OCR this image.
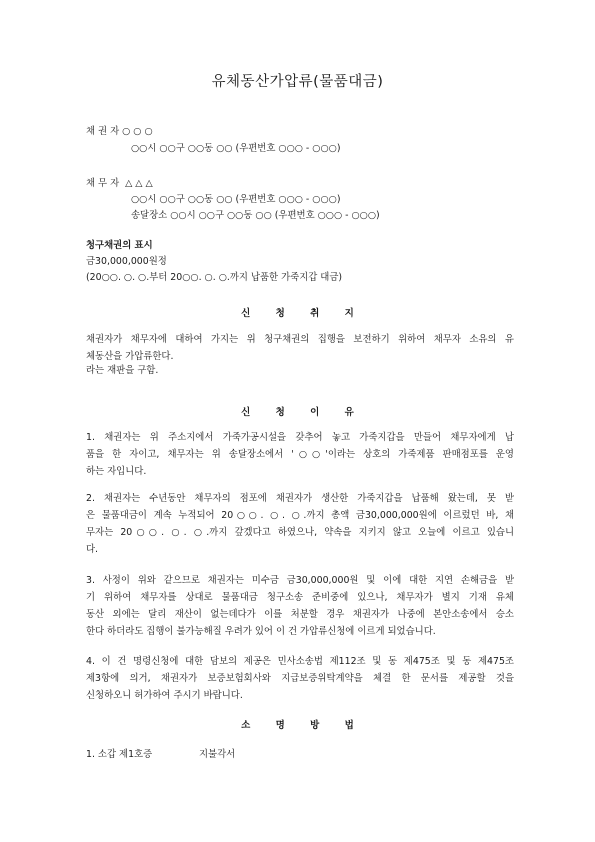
유체동산가압류(물품대금)
채 권 자 ○ ○ ○
○○시 ○○구 ○○동 ○○ (우편번호 ○○○ - ○○○)
채 무 자 △ △ △
○○시 ○○구 ○○동 ○○ (우편번호 ○○○ - ○○○)
송달장소 ○○시 ○○구 ○○동 ○○ (우편번호 ○○○ - ○○○)
청구채권의 표시
금30,000,000원정
(20○○. ○. ○.부터 20○○. ○. ○.까지 납품한 가죽지갑 대금)
신 청 취 지
채권자가 채무자에 대하여 가지는 위 청구채권의 집행을 보전하기 위하여 채무자 소유의 유
체동산을 가압류한다.
라는 재판을 구함.
신 청 이 유
1. 채권자는 위 주소지에서 가죽가공시설을 갖추어 놓고 가죽지갑을 만들어 채무자에게 납
품을 한 자이고, 채무자는 위 송달장소에서 '○○'이라는 상호의 가죽제품 판매점포를 운영
하는 자입니다.
2. 채권자는 수년동안 채무자의 점포에 채권자가 생산한 가죽지갑을 납품해 왔는데, 못 받
은 물품대금이 계속 누적되어 20○○. ○. ○.까지 총액 금30,000,000원에 이르렀던 바, 채
무자는 20○○. ○. ○.까지 갚겠다고 하였으나, 약속을 지키지 않고 오늘에 이르고 있습니
다.
3. 사정이 위와 같으므로 채권자는 미수금 금30,000,000원 및 이에 대한 지연 손해금을 받
기 위하여 채무자를 상대로 물품대금 청구소송 준비중에 있으나, 채무자가 별지 기재 유체
동산 외에는 달리 재산이 없는데다가 이를 처분할 경우 채권자가 나중에 본안소송에서 승소
한다 하더라도 집행이 불가능해질 우려가 있어 이 건 가압류신청에 이르게 되었습니다.
4. 이 건 명령신청에 대한 담보의 제공은 민사소송법 제112조 및 동 제475조 및 동 제475조
제3항에 의거, 채권자가 보증보험회사와 지급보증위탁계약을 체결 한 문서를 제공할 것을
신청하오니 허가하여 주시기 바랍니다.
소 명 방 법
1. 소갑 제1호증	지불각서
